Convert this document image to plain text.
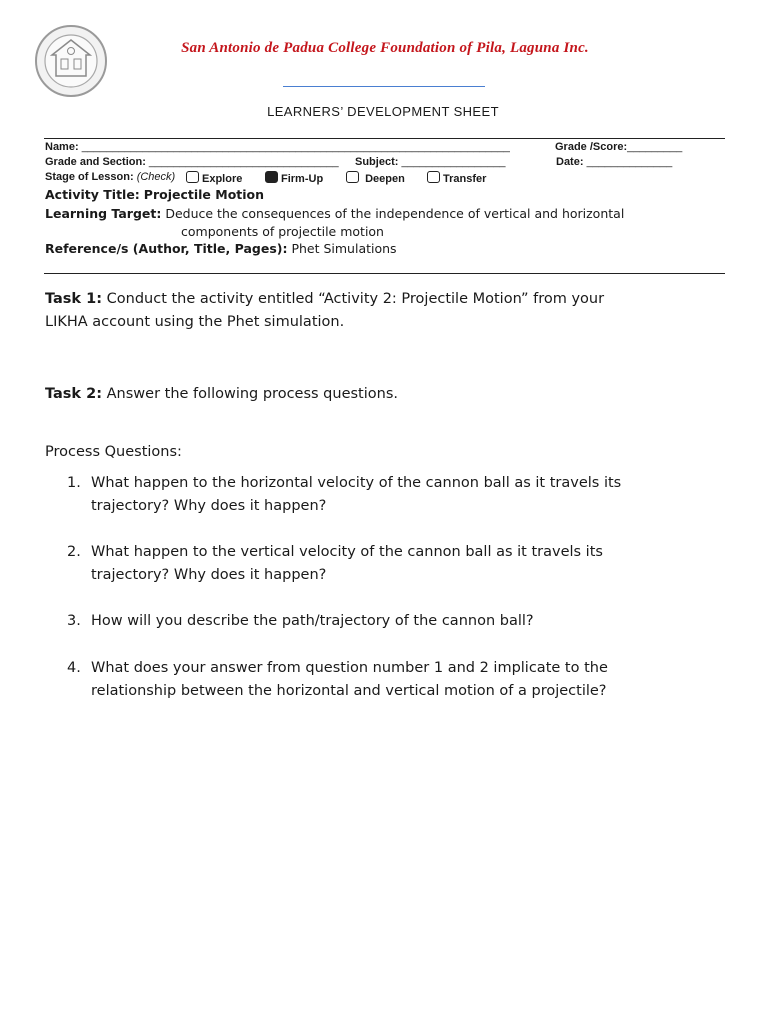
San Antonio de Padua College Foundation of Pila, Laguna Inc.
LEARNERS’ DEVELOPMENT SHEET
Name: ______________________________________________________________________	Grade /Score:_________
Grade and Section: _______________________________ Subject: _________________	Date: ______________
Stage of Lesson: (Check)	Explore	Firm-Up	Deepen	Transfer
Activity Title: Projectile Motion
Learning Target: Deduce the consequences of the independence of vertical and horizontal
components of projectile motion
Reference/s (Author, Title, Pages): Phet Simulations
Task 1: Conduct the activity entitled “Activity 2: Projectile Motion” from your
LIKHA account using the Phet simulation.
Task 2: Answer the following process questions.
Process Questions:
1. What happen to the horizontal velocity of the cannon ball as it travels its
trajectory? Why does it happen?
2. What happen to the vertical velocity of the cannon ball as it travels its
trajectory? Why does it happen?
3. How will you describe the path/trajectory of the cannon ball?
4. What does your answer from question number 1 and 2 implicate to the
relationship between the horizontal and vertical motion of a projectile?
